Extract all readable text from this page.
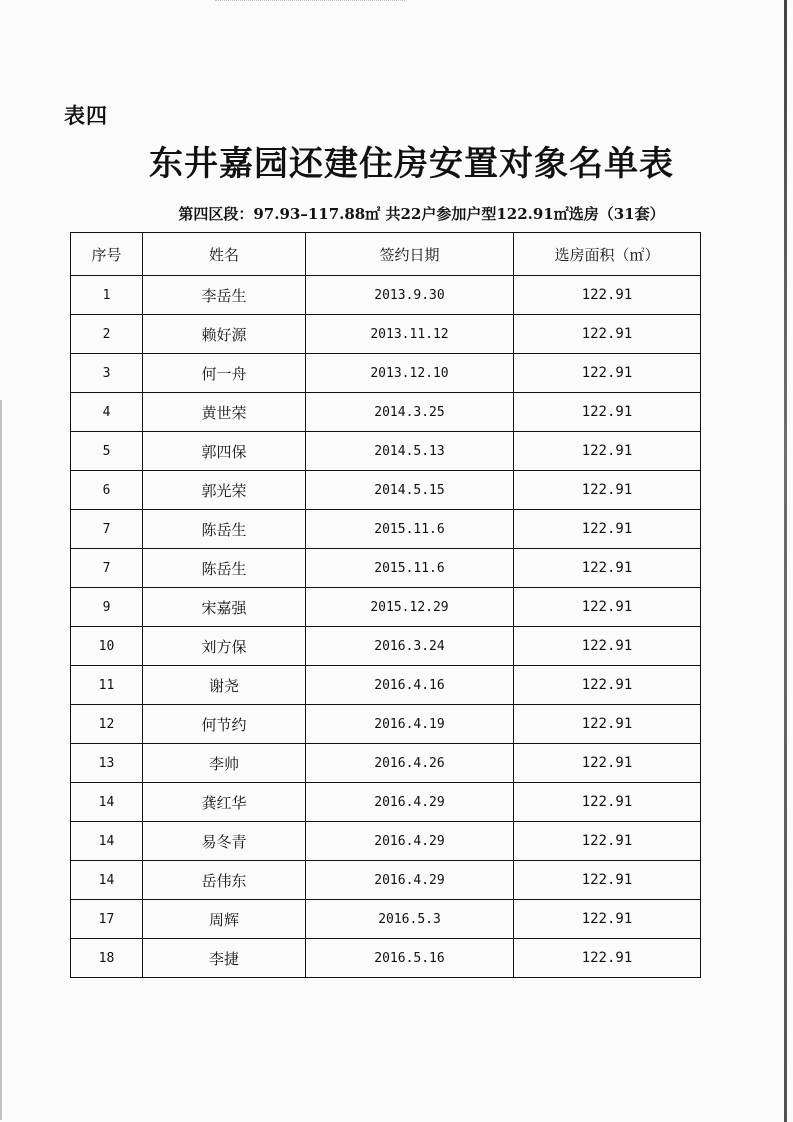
表四
东井嘉园还建住房安置对象名单表
第四区段：97.93–117.88㎡ 共22户参加户型122.91㎡选房（31套）
序号	姓名	签约日期	选房面积（㎡）
1	李岳生	2013.9.30	122.91
2	赖好源	2013.11.12	122.91
3	何一舟	2013.12.10	122.91
4	黄世荣	2014.3.25	122.91
5	郭四保	2014.5.13	122.91
6	郭光荣	2014.5.15	122.91
7	陈岳生	2015.11.6	122.91
7	陈岳生	2015.11.6	122.91
9	宋嘉强	2015.12.29	122.91
10	刘方保	2016.3.24	122.91
11	谢尧	2016.4.16	122.91
12	何节约	2016.4.19	122.91
13	李帅	2016.4.26	122.91
14	龚红华	2016.4.29	122.91
14	易冬青	2016.4.29	122.91
14	岳伟东	2016.4.29	122.91
17	周辉	2016.5.3	122.91
18	李捷	2016.5.16	122.91
